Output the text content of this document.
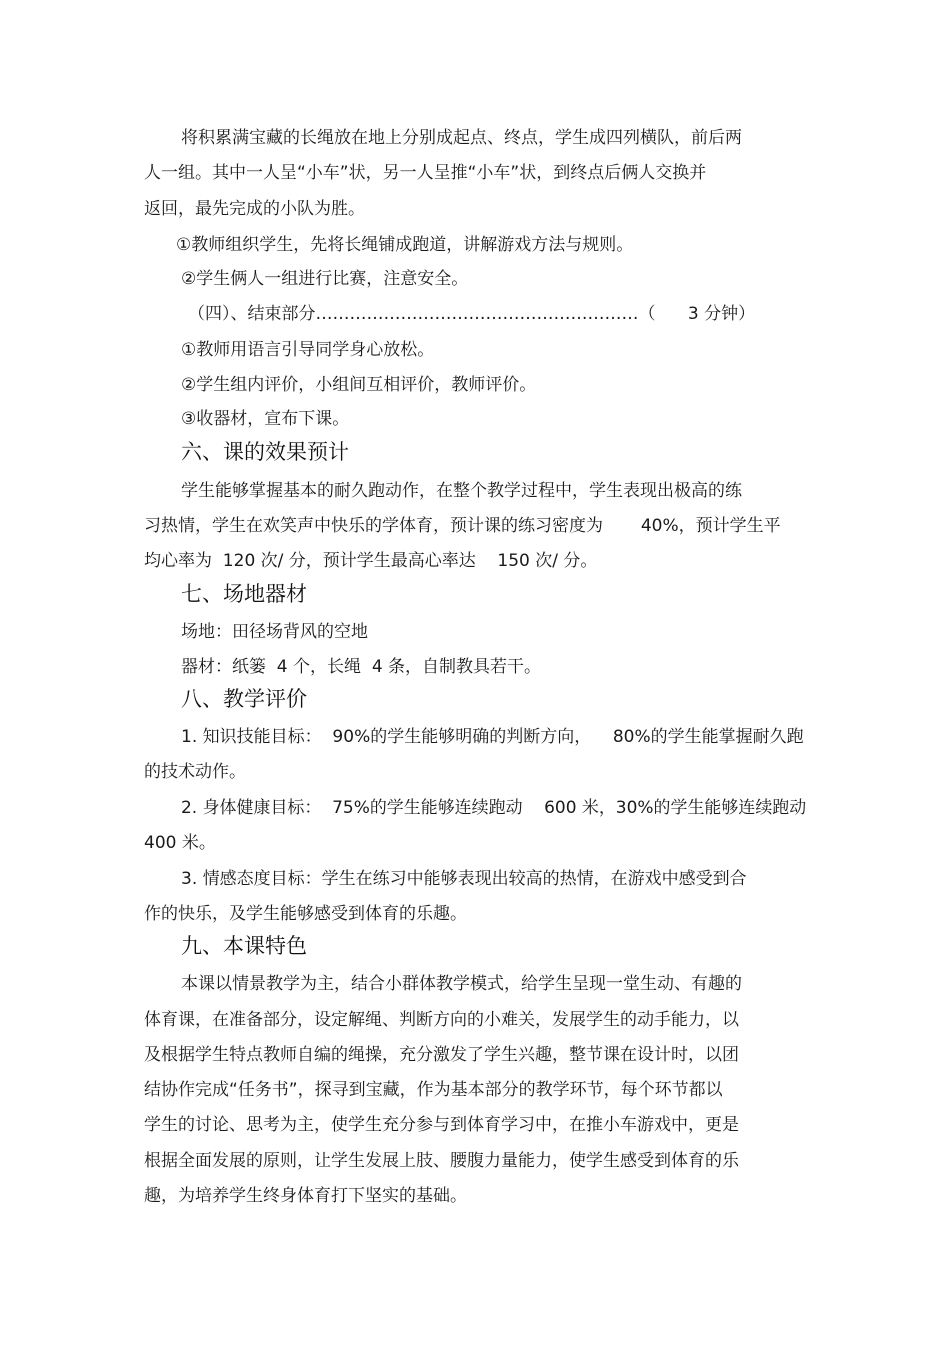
将积累满宝藏的长绳放在地上分别成起点、终点，学生成四列横队，前后两
人一组。其中一人呈“小车”状，另一人呈推“小车”状，到终点后俩人交换并
返回，最先完成的小队为胜。
①教师组织学生，先将长绳铺成跑道，讲解游戏方法与规则。
②学生俩人一组进行比赛，注意安全。
（四）、结束部分…………………………………………………（      3 分钟）
①教师用语言引导同学身心放松。
②学生组内评价，小组间互相评价，教师评价。
③收器材，宣布下课。
六、课的效果预计
学生能够掌握基本的耐久跑动作，在整个教学过程中，学生表现出极高的练
习热情，学生在欢笑声中快乐的学体育，预计课的练习密度为       40%，预计学生平
均心率为  120 次/ 分，预计学生最高心率达    150 次/ 分。
七、场地器材
场地：田径场背风的空地
器材：纸篓  4 个，长绳  4 条，自制教具若干。
八、教学评价
1. 知识技能目标：  90%的学生能够明确的判断方向，    80%的学生能掌握耐久跑
的技术动作。
2. 身体健康目标：  75%的学生能够连续跑动    600 米，30%的学生能够连续跑动
400 米。
3. 情感态度目标：学生在练习中能够表现出较高的热情，在游戏中感受到合
作的快乐，及学生能够感受到体育的乐趣。
九、本课特色
本课以情景教学为主，结合小群体教学模式，给学生呈现一堂生动、有趣的
体育课，在准备部分，设定解绳、判断方向的小难关，发展学生的动手能力，以
及根据学生特点教师自编的绳操，充分激发了学生兴趣，整节课在设计时，以团
结协作完成“任务书”，探寻到宝藏，作为基本部分的教学环节，每个环节都以
学生的讨论、思考为主，使学生充分参与到体育学习中，在推小车游戏中，更是
根据全面发展的原则，让学生发展上肢、腰腹力量能力，使学生感受到体育的乐
趣，为培养学生终身体育打下坚实的基础。
